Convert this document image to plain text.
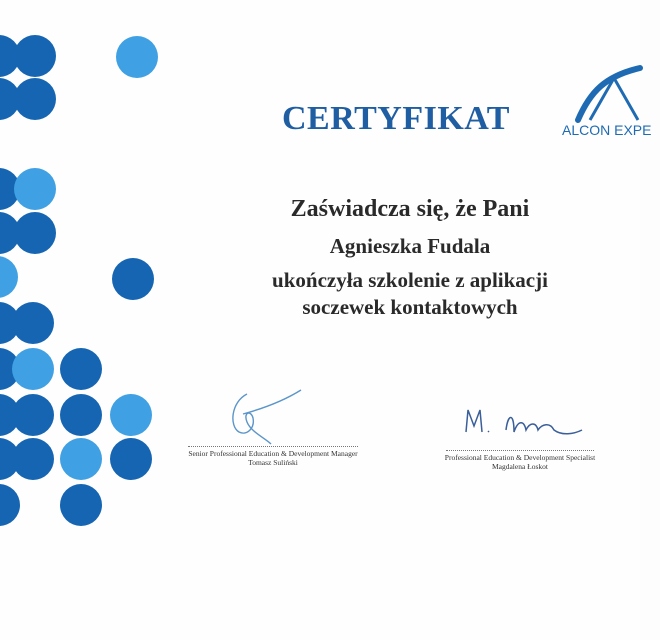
CERTYFIKAT	ALCON EXPE
Zaświadcza się, że Pani
Agnieszka Fudala
ukończyła szkolenie z aplikacji
soczewek kontaktowych
Senior Professional Education & Development Manager
Tomasz Suliński
Professional Education & Development Specialist
Magdalena Łoskot
